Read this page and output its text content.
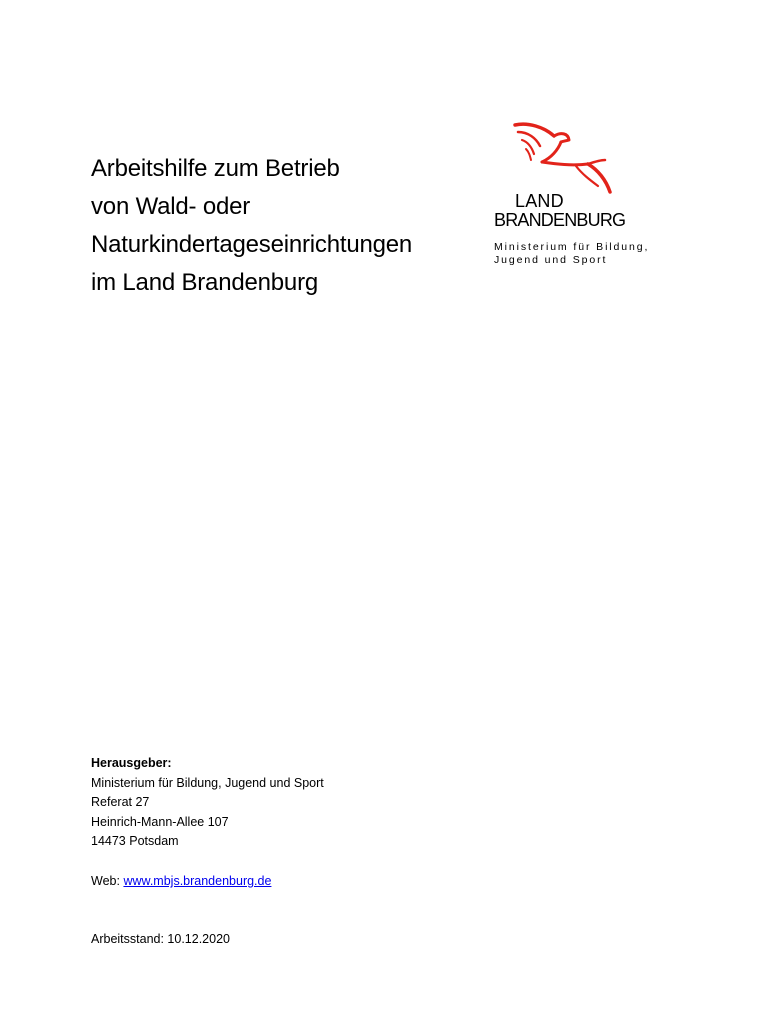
Arbeitshilfe zum Betrieb
von Wald- oder
Naturkindertageseinrichtungen
im Land Brandenburg
LAND
BRANDENBURG
Ministerium für Bildung,
Jugend und Sport
Herausgeber:
Ministerium für Bildung, Jugend und Sport
Referat 27
Heinrich-Mann-Allee 107
14473 Potsdam
Web: www.mbjs.brandenburg.de
Arbeitsstand: 10.12.2020
